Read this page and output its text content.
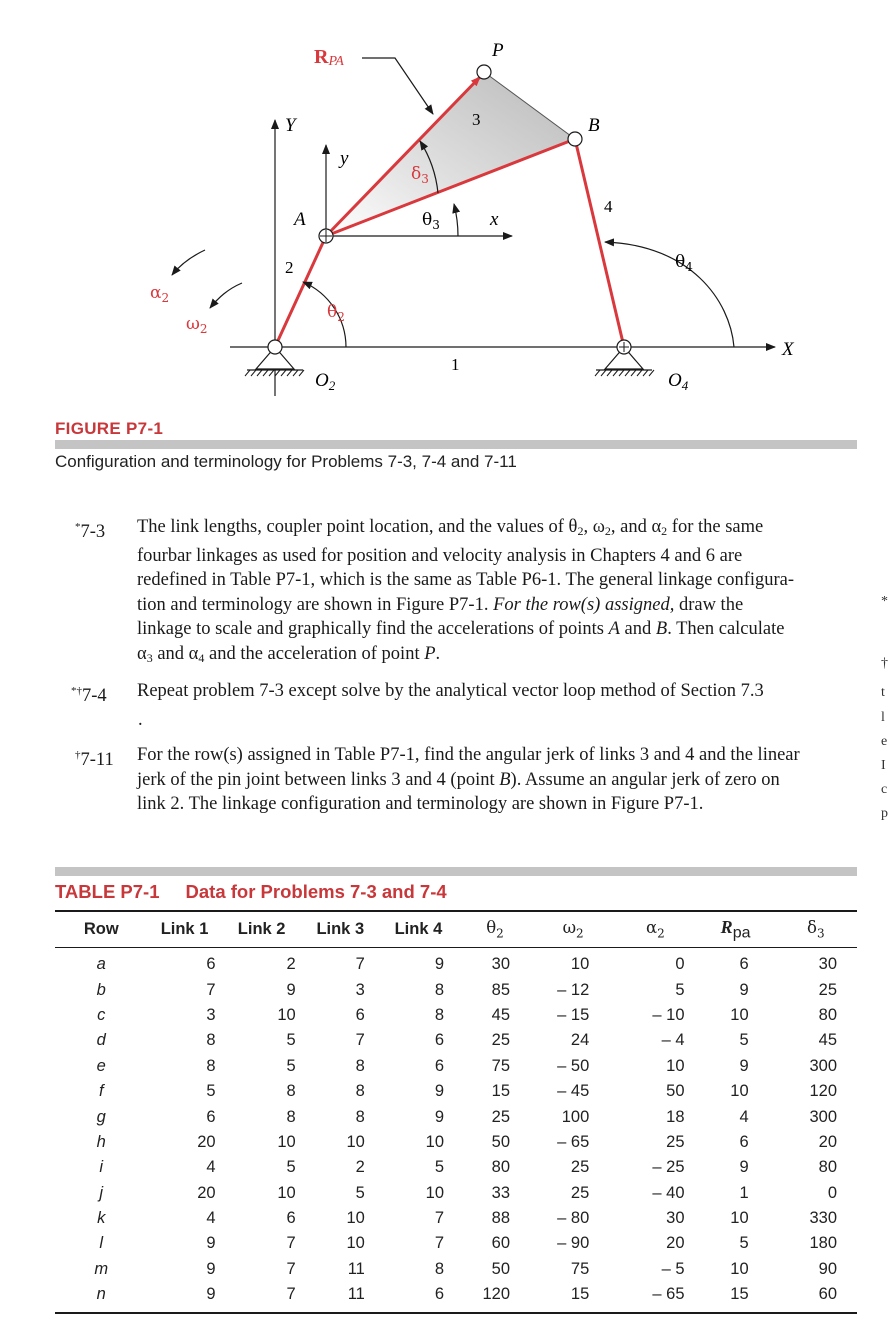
RPA
P
B
3
Y
y
$\delta_3$
$\theta_3$	x
A
4
$\theta_4$
2
$\alpha_2$
$\omega_2$
$\theta_2$
1
X
$O_2$	$O_4$
FIGURE P7-1
Configuration and terminology for Problems 7-3, 7-4 and 7-11
*7-3	The link lengths, coupler point location, and the values of $\theta_2$, $\omega_2$, and $\alpha_2$ for the same
fourbar linkages as used for position and velocity analysis in Chapters 4 and 6 are
redefined in Table P7-1, which is the same as Table P6-1. The general linkage configura-
tion and terminology are shown in Figure P7-1. For the row(s) assigned, draw the
linkage to scale and graphically find the accelerations of points A and B. Then calculate
$\alpha_3$ and $\alpha_4$ and the acceleration of point P.
*†7-4	Repeat problem 7-3 except solve by the analytical vector loop method of Section 7.3
.
†7-11	For the row(s) assigned in Table P7-1, find the angular jerk of links 3 and 4 and the linear
jerk of the pin joint between links 3 and 4 (point B). Assume an angular jerk of zero on
link 2. The linkage configuration and terminology are shown in Figure P7-1.
*
†
t
l
e
I
c
p
TABLE P7-1 Data for Problems 7-3 and 7-4
Row	Link 1	Link 2	Link 3	Link 4	$\theta_2$	$\omega_2$	$\alpha_2$	$R_{pa}$	$\delta_3$
a	6	2	7	9	30	10	0	6	30
b	7	9	3	8	85	– 12	5	9	25
c	3	10	6	8	45	– 15	– 10	10	80
d	8	5	7	6	25	24	– 4	5	45
e	8	5	8	6	75	– 50	10	9	300
f	5	8	8	9	15	– 45	50	10	120
g	6	8	8	9	25	100	18	4	300
h	20	10	10	10	50	– 65	25	6	20
i	4	5	2	5	80	25	– 25	9	80
j	20	10	5	10	33	25	– 40	1	0
k	4	6	10	7	88	– 80	30	10	330
l	9	7	10	7	60	– 90	20	5	180
m	9	7	11	8	50	75	– 5	10	90
n	9	7	11	6	120	15	– 65	15	60
